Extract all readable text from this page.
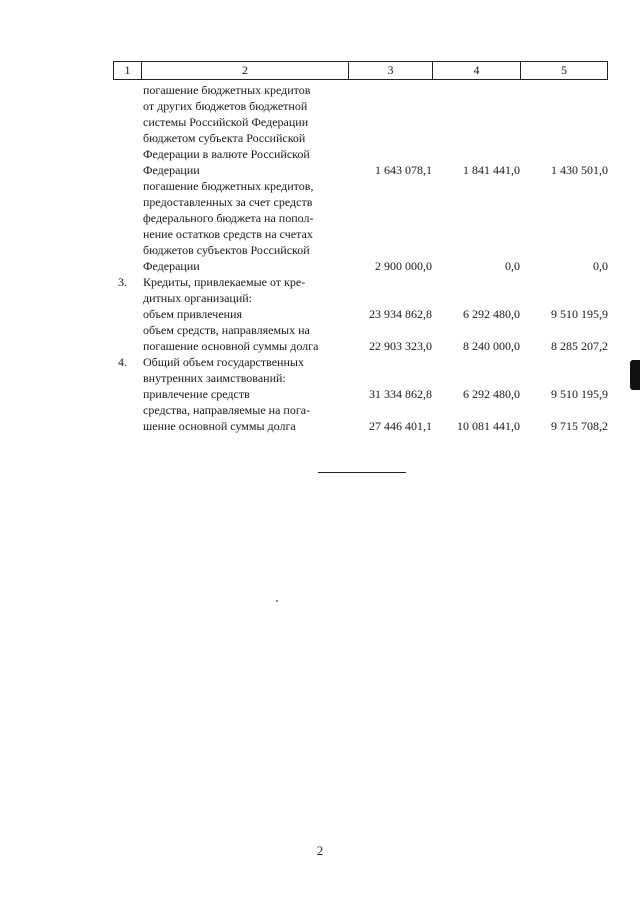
1	2	3	4	5
погашение бюджетных кредитов
от других бюджетов бюджетной
системы Российской Федерации
бюджетом субъекта Российской
Федерации в валюте Российской
Федерации	1 643 078,1	1 841 441,0	1 430 501,0
погашение бюджетных кредитов,
предоставленных за счет средств
федерального бюджета на попол-
нение остатков средств на счетах
бюджетов субъектов Российской
Федерации	2 900 000,0	0,0	0,0
3. Кредиты, привлекаемые от кре-
дитных организаций:
объем привлечения	23 934 862,8	6 292 480,0	9 510 195,9
объем средств, направляемых на
погашение основной суммы долга	22 903 323,0	8 240 000,0	8 285 207,2
4. Общий объем государственных
внутренних заимствований:
привлечение средств	31 334 862,8	6 292 480,0	9 510 195,9
средства, направляемые на пога-
шение основной суммы долга	27 446 401,1	10 081 441,0	9 715 708,2
2
